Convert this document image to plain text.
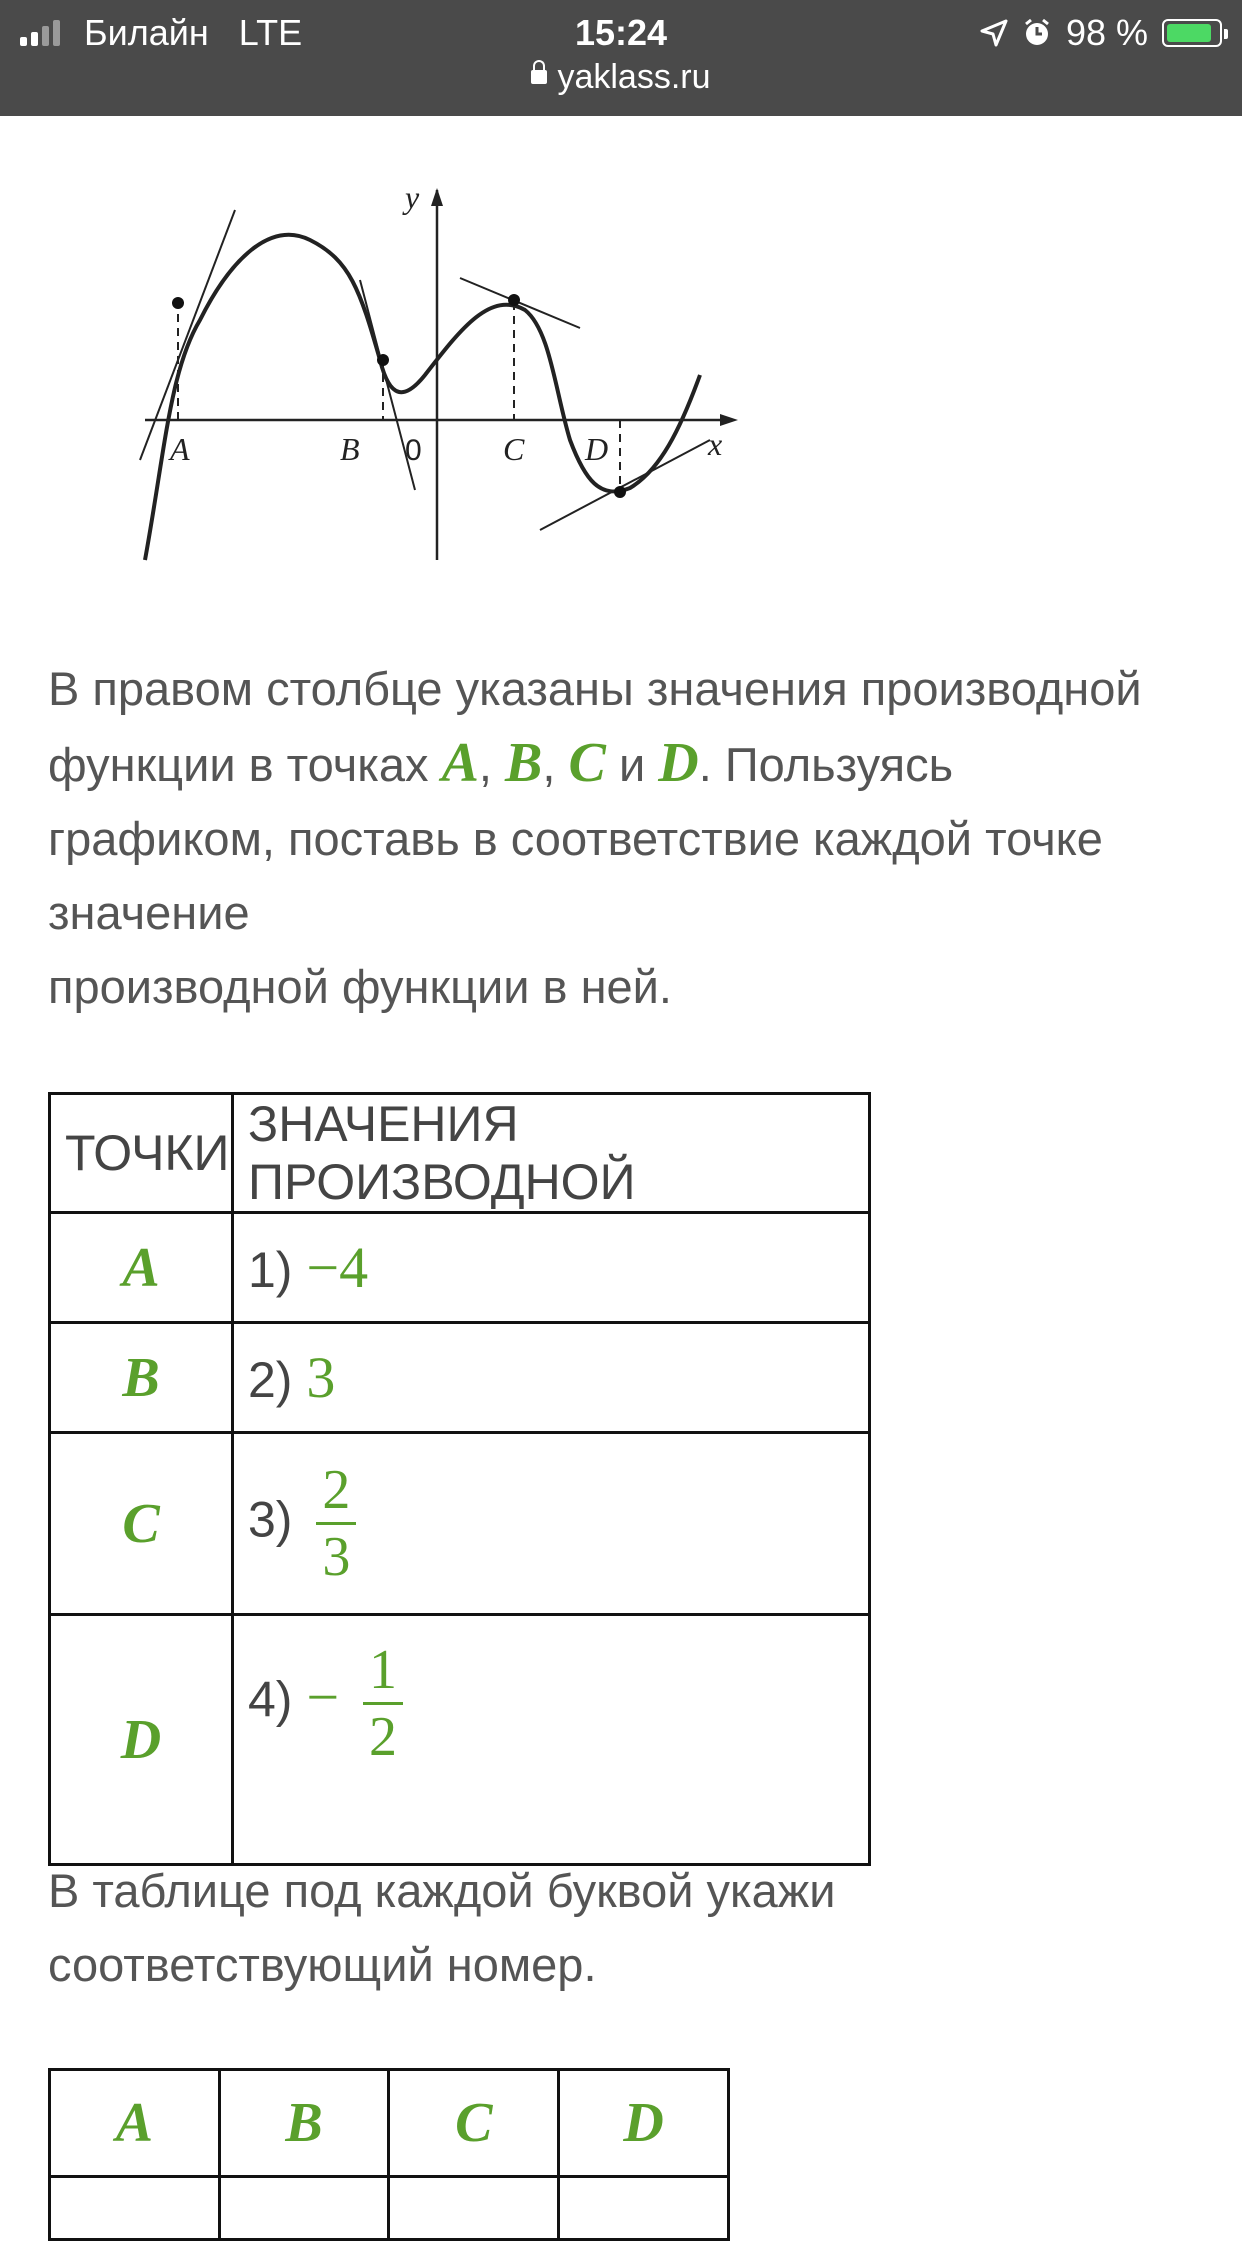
Билайн LTE	15:24	98 %
yaklass.ru
A	B	C D	x
y
0
В правом столбце указаны значения производной
функции в точках A, B, C и D. Пользуясь
графиком, поставь в соответствие каждой точке
значение
производной функции в ней.
ТОЧКИ	ЗНАЧЕНИЯ ПРОИЗВОДНОЙ
A	1) −4
B	2) 3
C	$3) \frac{2}{3}$

D	$4) - \frac{1}{2}$
В таблице под каждой буквой укажи
соответствующий номер.
A	B	C	D
